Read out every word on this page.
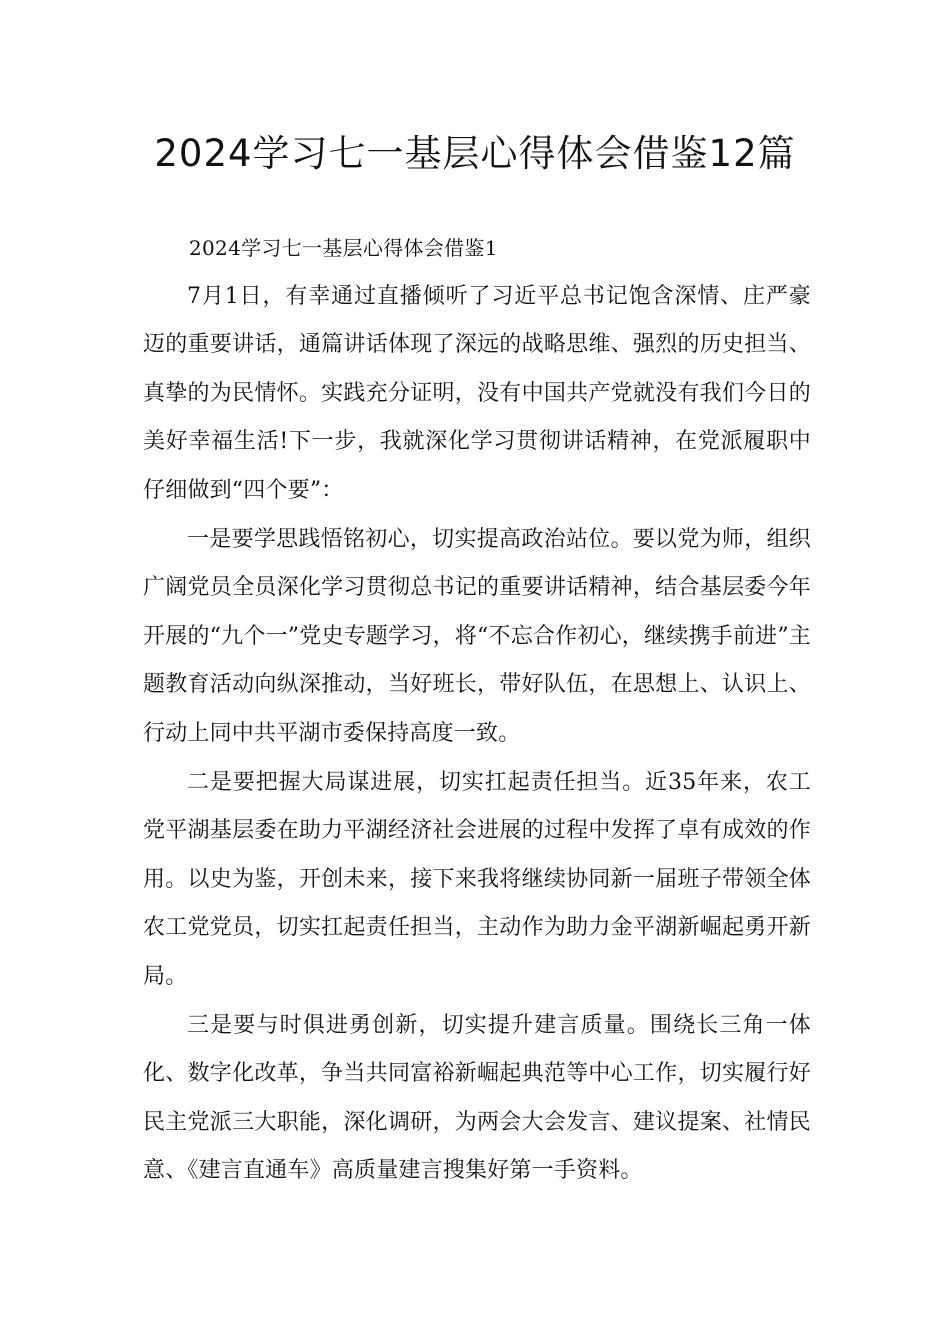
2024学习七一基层心得体会借鉴12篇

2024学习七一基层心得体会借鉴1

7月1日，有幸通过直播倾听了习近平总书记饱含深情、庄严豪迈的重要讲话，通篇讲话体现了深远的战略思维、强烈的历史担当、真挚的为民情怀。实践充分证明，没有中国共产党就没有我们今日的美好幸福生活!下一步，我就深化学习贯彻讲话精神，在党派履职中仔细做到“四个要”：

一是要学思践悟铭初心，切实提高政治站位。要以党为师，组织广阔党员全员深化学习贯彻总书记的重要讲话精神，结合基层委今年开展的“九个一”党史专题学习，将“不忘合作初心，继续携手前进”主题教育活动向纵深推动，当好班长，带好队伍，在思想上、认识上、行动上同中共平湖市委保持高度一致。

二是要把握大局谋进展，切实扛起责任担当。近35年来，农工党平湖基层委在助力平湖经济社会进展的过程中发挥了卓有成效的作用。以史为鉴，开创未来，接下来我将继续协同新一届班子带领全体农工党党员，切实扛起责任担当，主动作为助力金平湖新崛起勇开新局。

三是要与时俱进勇创新，切实提升建言质量。围绕长三角一体化、数字化改革，争当共同富裕新崛起典范等中心工作，切实履行好民主党派三大职能，深化调研，为两会大会发言、建议提案、社情民意、《建言直通车》高质量建言搜集好第一手资料。
